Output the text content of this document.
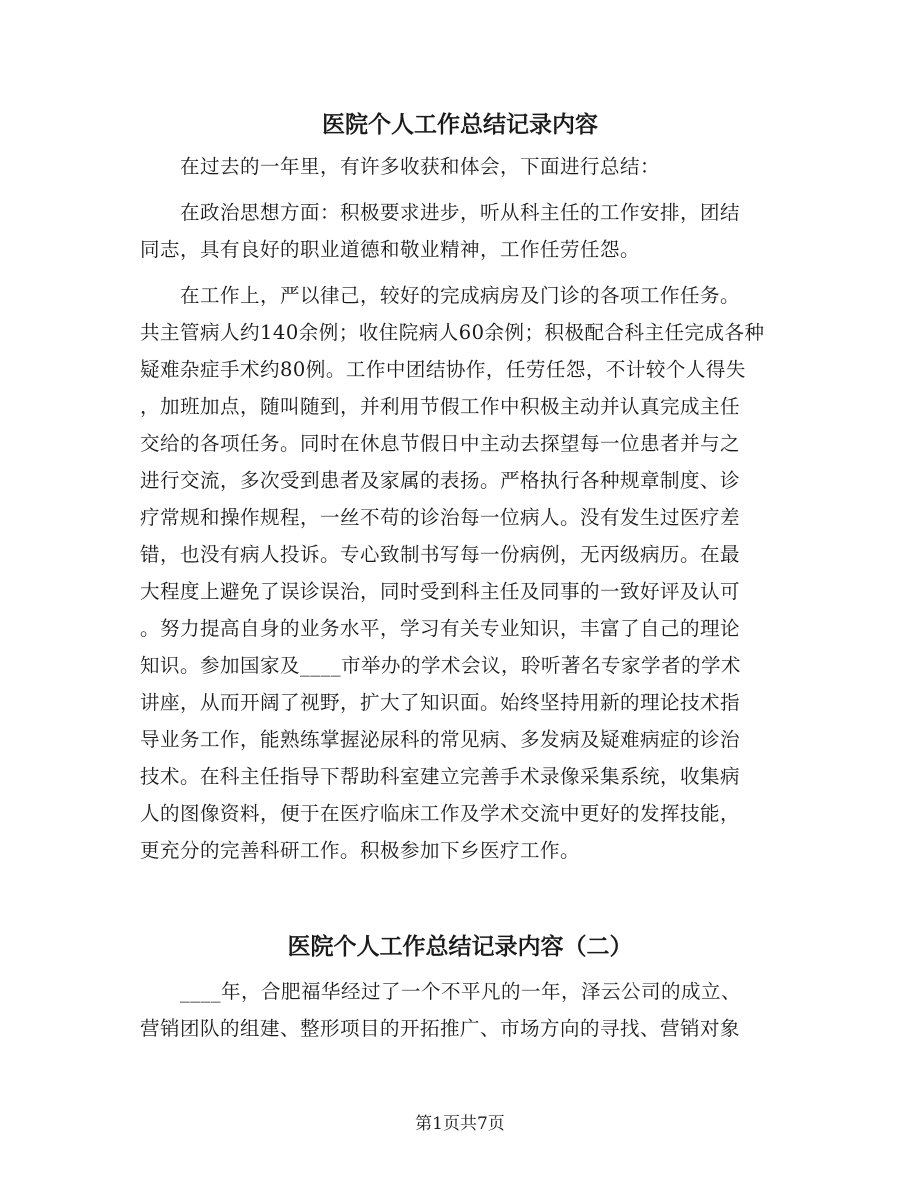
医院个人工作总结记录内容
在过去的一年里，有许多收获和体会，下面进行总结：
在政治思想方面：积极要求进步，听从科主任的工作安排，团结
同志，具有良好的职业道德和敬业精神，工作任劳任怨。
在工作上，严以律己，较好的完成病房及门诊的各项工作任务。
共主管病人约140余例；收住院病人60余例；积极配合科主任完成各种
疑难杂症手术约80例。工作中团结协作，任劳任怨，不计较个人得失
，加班加点，随叫随到，并利用节假工作中积极主动并认真完成主任
交给的各项任务。同时在休息节假日中主动去探望每一位患者并与之
进行交流，多次受到患者及家属的表扬。严格执行各种规章制度、诊
疗常规和操作规程，一丝不苟的诊治每一位病人。没有发生过医疗差
错，也没有病人投诉。专心致制书写每一份病例，无丙级病历。在最
大程度上避免了误诊误治，同时受到科主任及同事的一致好评及认可
。努力提高自身的业务水平，学习有关专业知识，丰富了自己的理论
知识。参加国家及____市举办的学术会议，聆听著名专家学者的学术
讲座，从而开阔了视野，扩大了知识面。始终坚持用新的理论技术指
导业务工作，能熟练掌握泌尿科的常见病、多发病及疑难病症的诊治
技术。在科主任指导下帮助科室建立完善手术录像采集系统，收集病
人的图像资料，便于在医疗临床工作及学术交流中更好的发挥技能，
更充分的完善科研工作。积极参加下乡医疗工作。
医院个人工作总结记录内容（二）
____年，合肥福华经过了一个不平凡的一年，泽云公司的成立、
营销团队的组建、整形项目的开拓推广、市场方向的寻找、营销对象
第1页共7页
